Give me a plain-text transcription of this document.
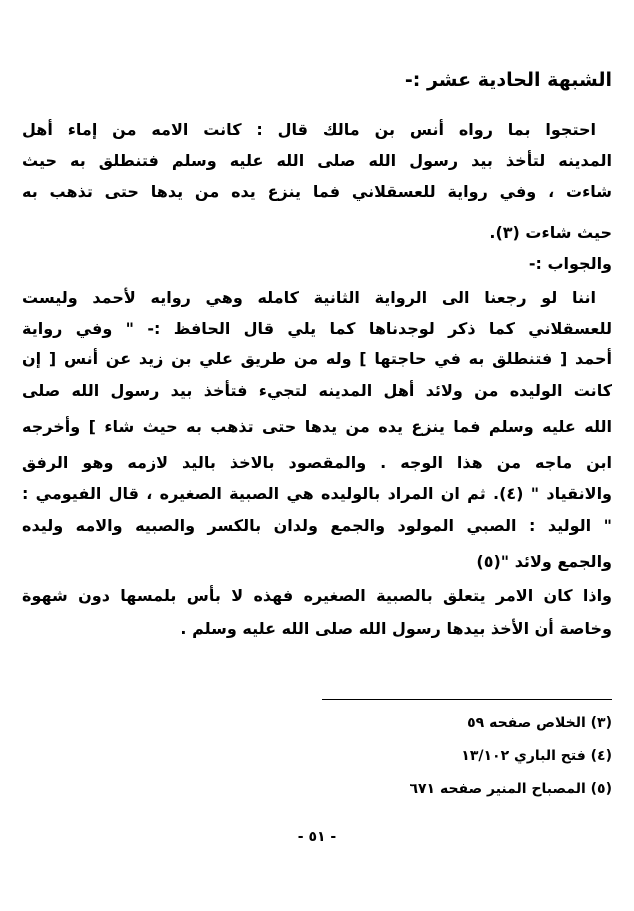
الشبهة الحادية عشر :-
احتجوا بما رواه أنس بن مالك قال : كانت الامه من إماء أهل
المدينه لتأخذ بيد رسول الله صلى الله عليه وسلم فتنطلق به حيث
شاءت ، وفي رواية للعسقلاني فما ينزع يده من يدها حتى تذهب به
حيث شاءت (٣).
والجواب :-
اننا لو رجعنا الى الرواية الثانية كامله وهي روايه لأحمد وليست
للعسقلاني كما ذكر لوجدناها كما يلي قال الحافظ :- " وفي رواية
أحمد [ فتنطلق به في حاجتها ] وله من طريق علي بن زيد عن أنس [ إن
كانت الوليده من ولائد أهل المدينه لتجيء فتأخذ بيد رسول الله صلى
الله عليه وسلم فما ينزع يده من يدها حتى تذهب به حيث شاء ] وأخرجه
ابن ماجه من هذا الوجه . والمقصود بالاخذ باليد لازمه وهو الرفق
والانقياد " (٤). ثم ان المراد بالوليده هي الصبية الصغيره ، قال الفيومي :
" الوليد : الصبي المولود والجمع ولدان بالكسر والصبيه والامه وليده
والجمع ولائد "(٥)
واذا كان الامر يتعلق بالصبية الصغيره فهذه لا بأس بلمسها دون شهوة
وخاصة أن الأخذ بيدها رسول الله صلى الله عليه وسلم .
(٣) الخلاص صفحه ٥٩
(٤) فتح الباري ١٣/١٠٢
(٥) المصباح المنير صفحه ٦٧١
- ٥١ -
